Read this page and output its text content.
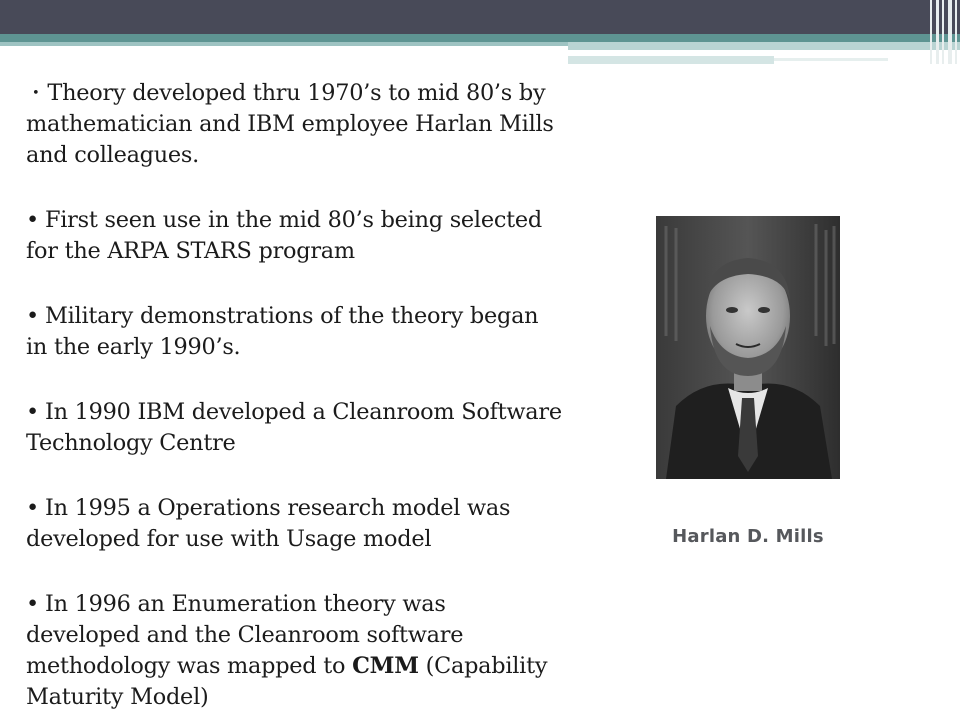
• Theory developed thru 1970’s to mid 80’s by mathematician and IBM employee Harlan Mills and colleagues.
• First seen use in the mid 80’s being selected for the ARPA STARS program
• Military demonstrations of the theory began in the early 1990’s.
• In 1990 IBM developed a Cleanroom Software Technology Centre
• In 1995 a Operations research model was developed for use with Usage model
• In 1996 an Enumeration theory was developed and the Cleanroom software methodology was mapped to CMM (Capability Maturity Model)
Harlan D. Mills
